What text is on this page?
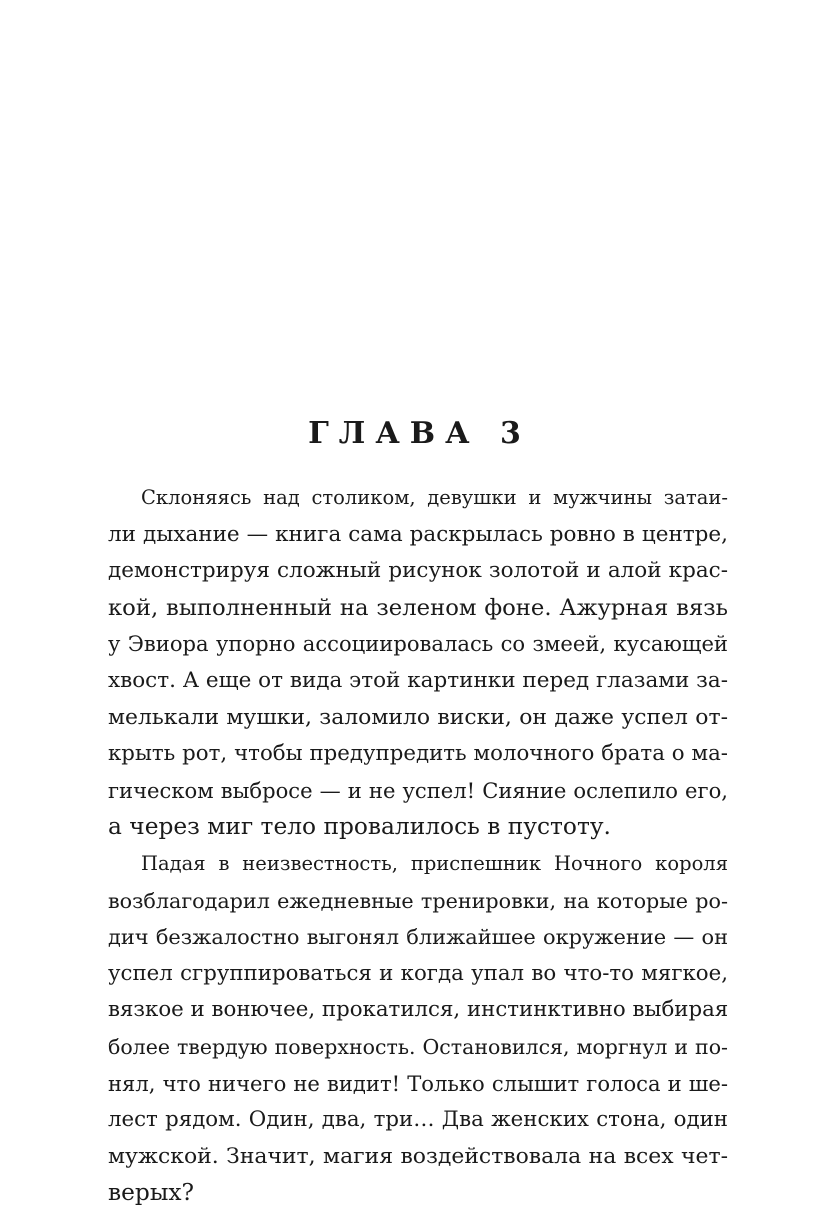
ГЛАВА 3

Склоняясь над столиком, девушки и мужчины затаи-
ли дыхание — книга сама раскрылась ровно в центре,
демонстрируя сложный рисунок золотой и алой крас-
кой, выполненный на зеленом фоне. Ажурная вязь
у Эвиора упорно ассоциировалась со змеей, кусающей
хвост. А еще от вида этой картинки перед глазами за-
мелькали мушки, заломило виски, он даже успел от-
крыть рот, чтобы предупредить молочного брата о ма-
гическом выбросе — и не успел! Сияние ослепило его,
а через миг тело провалилось в пустоту.

Падая в неизвестность, приспешник Ночного короля
возблагодарил ежедневные тренировки, на которые ро-
дич безжалостно выгонял ближайшее окружение — он
успел сгруппироваться и когда упал во что-то мягкое,
вязкое и вонючее, прокатился, инстинктивно выбирая
более твердую поверхность. Остановился, моргнул и по-
нял, что ничего не видит! Только слышит голоса и ше-
лест рядом. Один, два, три… Два женских стона, один
мужской. Значит, магия воздействовала на всех чет-
верых?
